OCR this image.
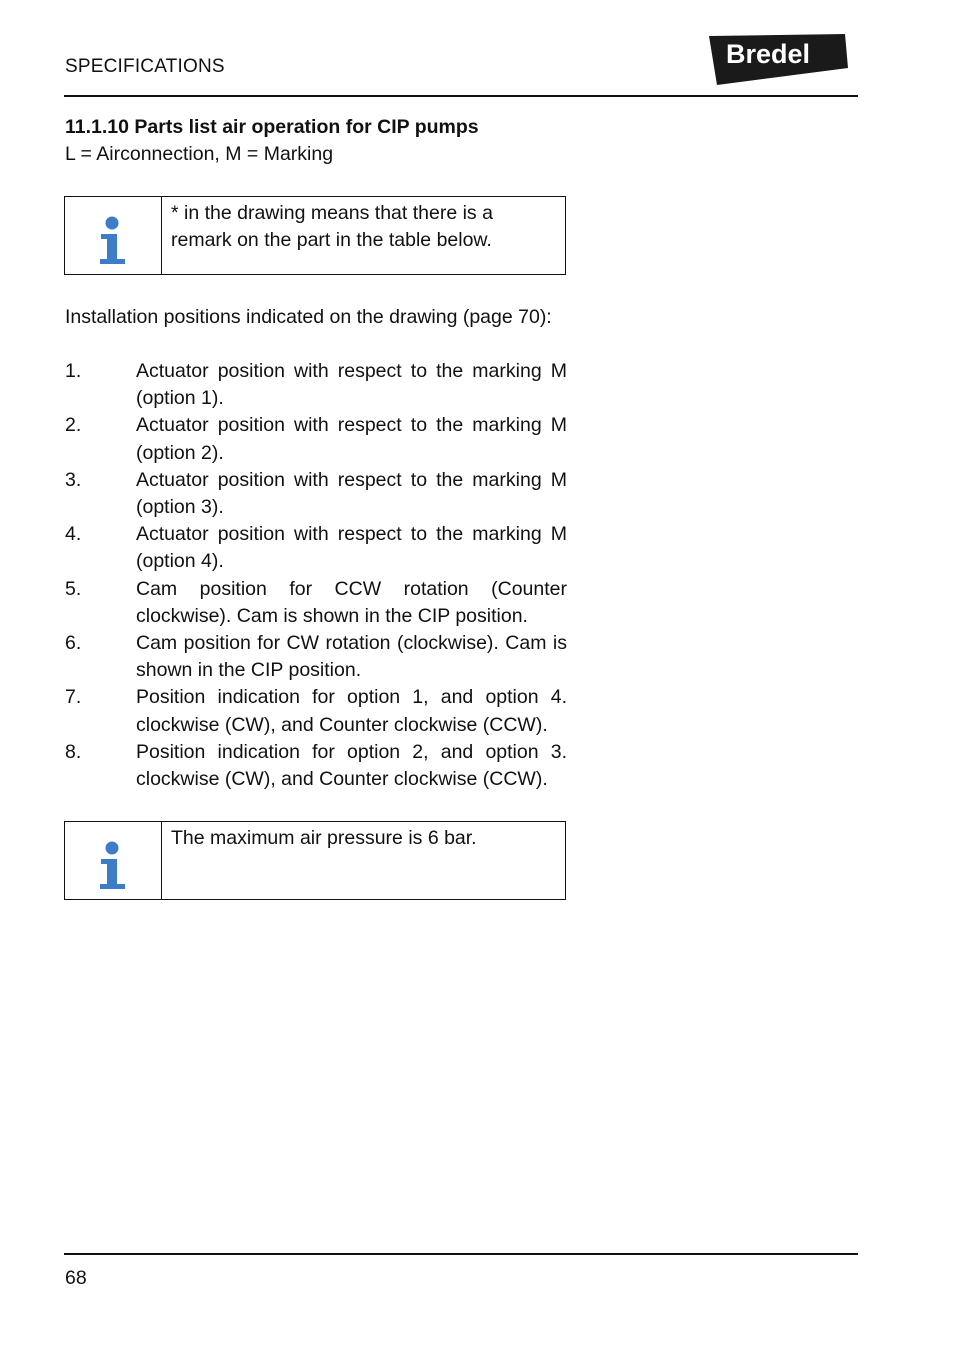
SPECIFICATIONS	Bredel
11.1.10 Parts list air operation for CIP pumps
L = Airconnection, M = Marking
* in the drawing means that there is a
remark on the part in the table below.
Installation positions indicated on the drawing (page 70):
1.	Actuator position with respect to the marking M (option 1).
2.	Actuator position with respect to the marking M (option 2).
3.	Actuator position with respect to the marking M (option 3).
4.	Actuator position with respect to the marking M (option 4).
5.	Cam position for CCW rotation (Counter clockwise). Cam is shown in the CIP position.
6.	Cam position for CW rotation (clockwise). Cam is shown in the CIP position.
7.	Position indication for option 1, and option 4. clockwise (CW), and Counter clockwise (CCW).
8.	Position indication for option 2, and option 3. clockwise (CW), and Counter clockwise (CCW).
The maximum air pressure is 6 bar.
68
